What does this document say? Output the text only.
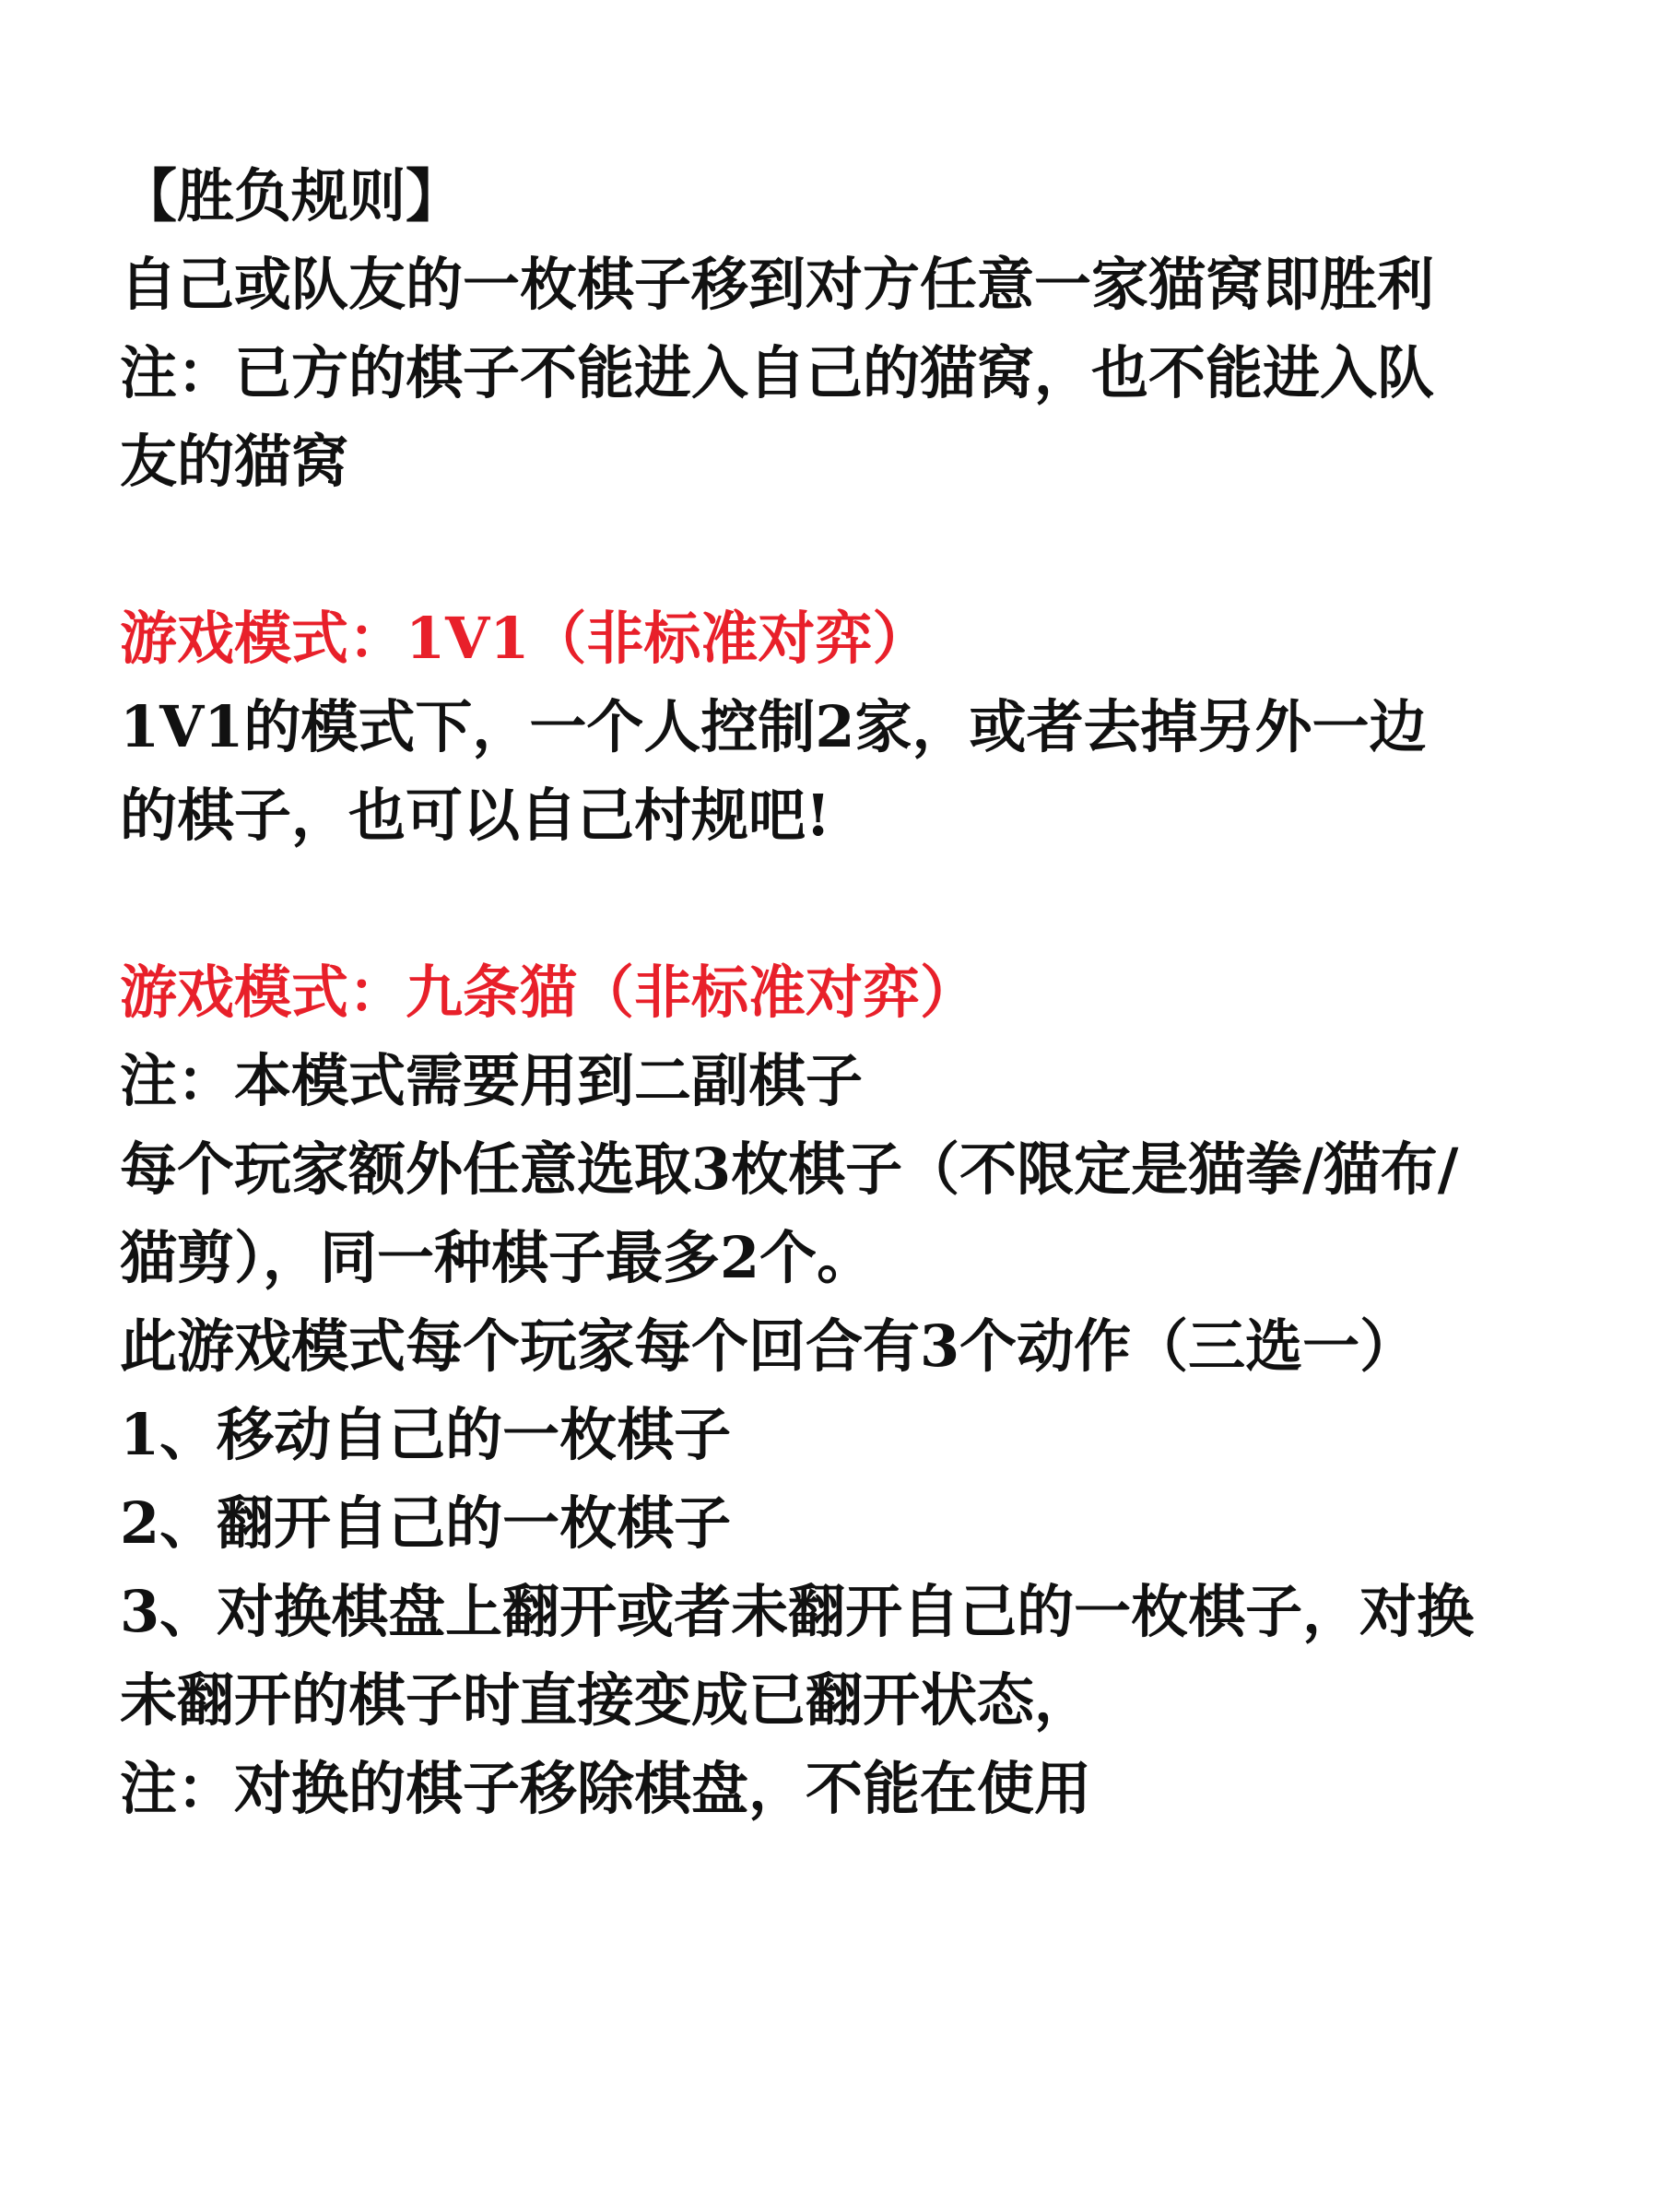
【胜负规则】
自己或队友的一枚棋子移到对方任意一家猫窝即胜利
注：已方的棋子不能进入自己的猫窝，也不能进入队
友的猫窝
游戏模式：1V1（非标准对弈）
1V1的模式下，一个人控制2家，或者去掉另外一边
的棋子，也可以自己村规吧!
游戏模式：九条猫（非标准对弈）
注：本模式需要用到二副棋子
每个玩家额外任意选取3枚棋子（不限定是猫拳/猫布/
猫剪），同一种棋子最多2个。
此游戏模式每个玩家每个回合有3个动作（三选一）
1、移动自己的一枚棋子
2、翻开自己的一枚棋子
3、对换棋盘上翻开或者未翻开自己的一枚棋子，对换
未翻开的棋子时直接变成已翻开状态，
注：对换的棋子移除棋盘，不能在使用
